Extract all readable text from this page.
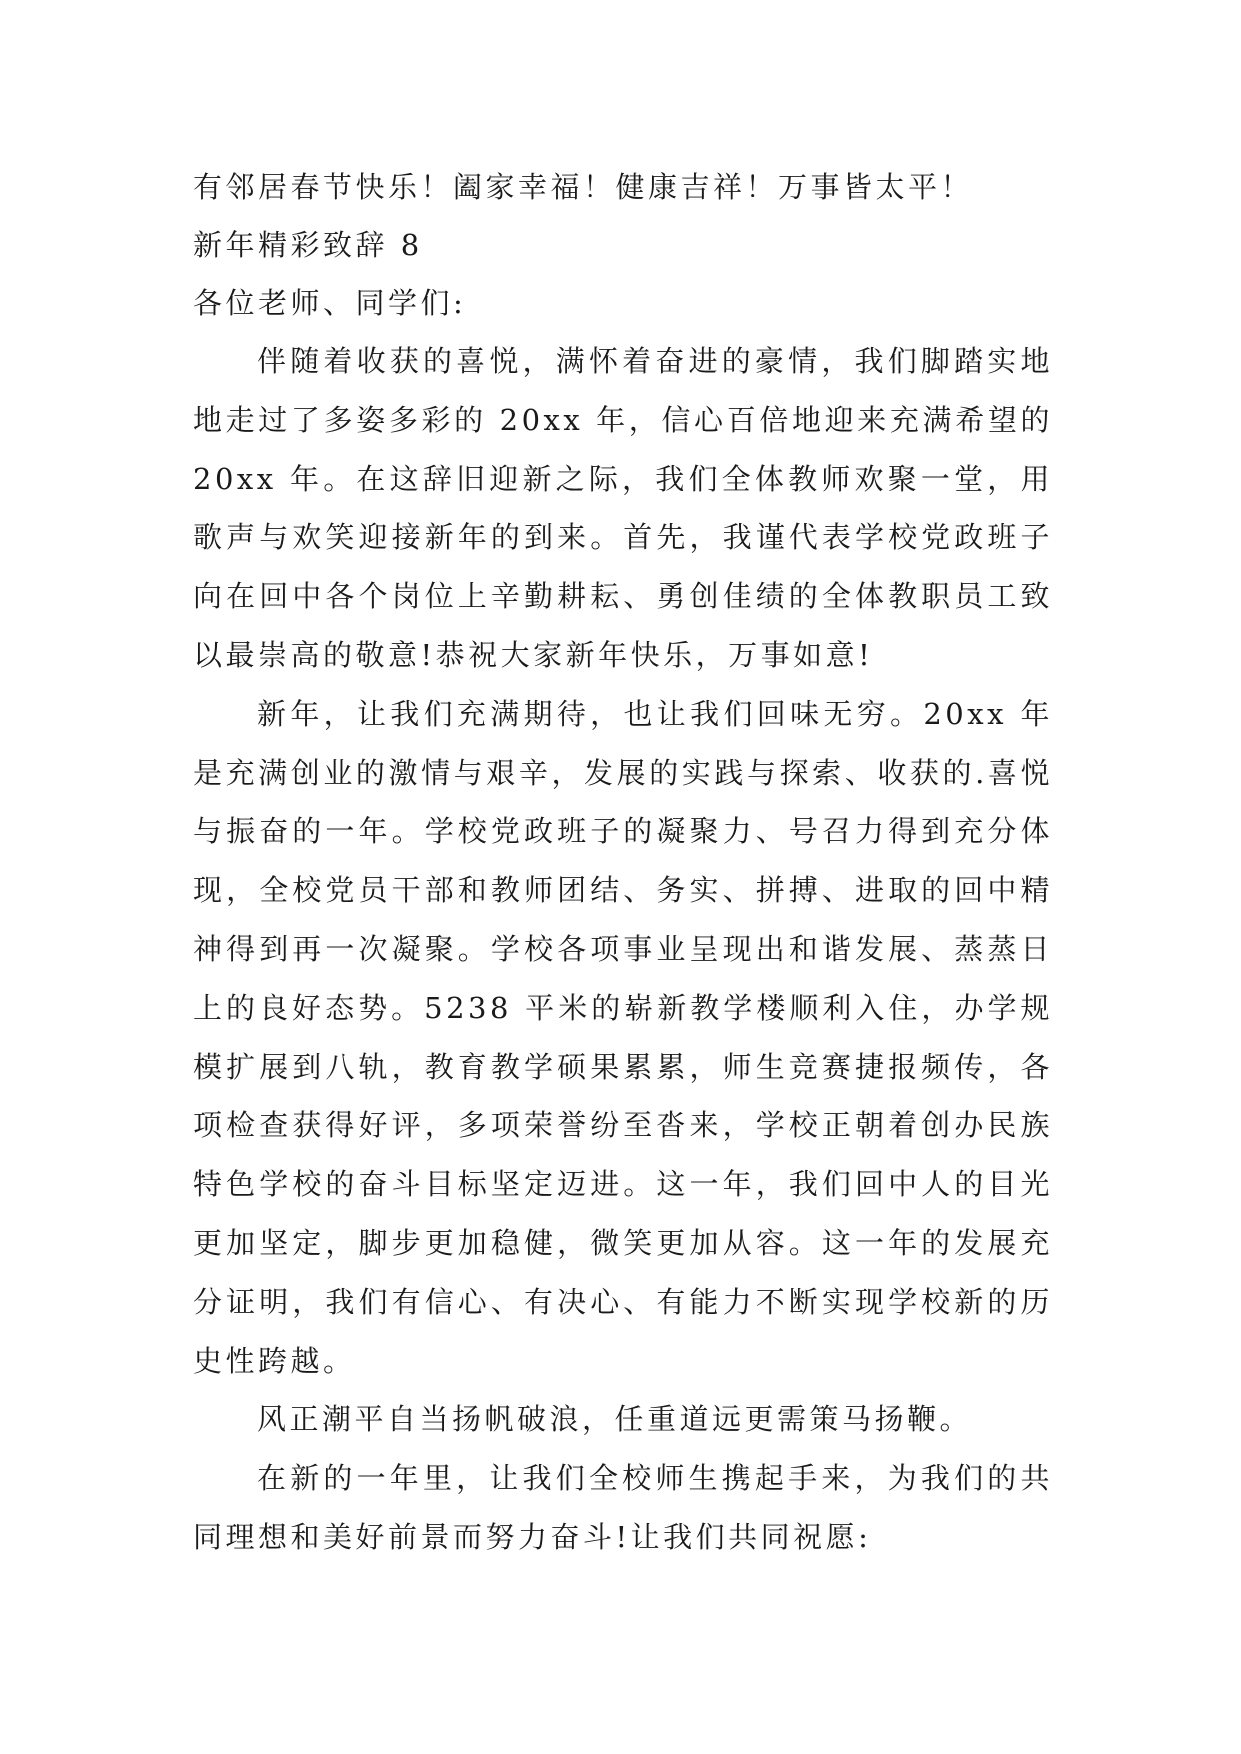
有邻居春节快乐！阖家幸福！健康吉祥！万事皆太平！
新年精彩致辞 8
各位老师、同学们:

伴随着收获的喜悦，满怀着奋进的豪情，我们脚踏实地地走过了多姿多彩的 20xx 年，信心百倍地迎来充满希望的 20xx 年。在这辞旧迎新之际，我们全体教师欢聚一堂，用歌声与欢笑迎接新年的到来。首先，我谨代表学校党政班子向在回中各个岗位上辛勤耕耘、勇创佳绩的全体教职员工致以最崇高的敬意!恭祝大家新年快乐，万事如意!

新年，让我们充满期待，也让我们回味无穷。20xx 年是充满创业的激情与艰辛，发展的实践与探索、收获的.喜悦与振奋的一年。学校党政班子的凝聚力、号召力得到充分体现，全校党员干部和教师团结、务实、拼搏、进取的回中精神得到再一次凝聚。学校各项事业呈现出和谐发展、蒸蒸日上的良好态势。5238 平米的崭新教学楼顺利入住，办学规模扩展到八轨，教育教学硕果累累，师生竞赛捷报频传，各项检查获得好评，多项荣誉纷至沓来，学校正朝着创办民族特色学校的奋斗目标坚定迈进。这一年，我们回中人的目光更加坚定，脚步更加稳健，微笑更加从容。这一年的发展充分证明，我们有信心、有决心、有能力不断实现学校新的历史性跨越。

风正潮平自当扬帆破浪，任重道远更需策马扬鞭。

在新的一年里，让我们全校师生携起手来，为我们的共同理想和美好前景而努力奋斗!让我们共同祝愿:
